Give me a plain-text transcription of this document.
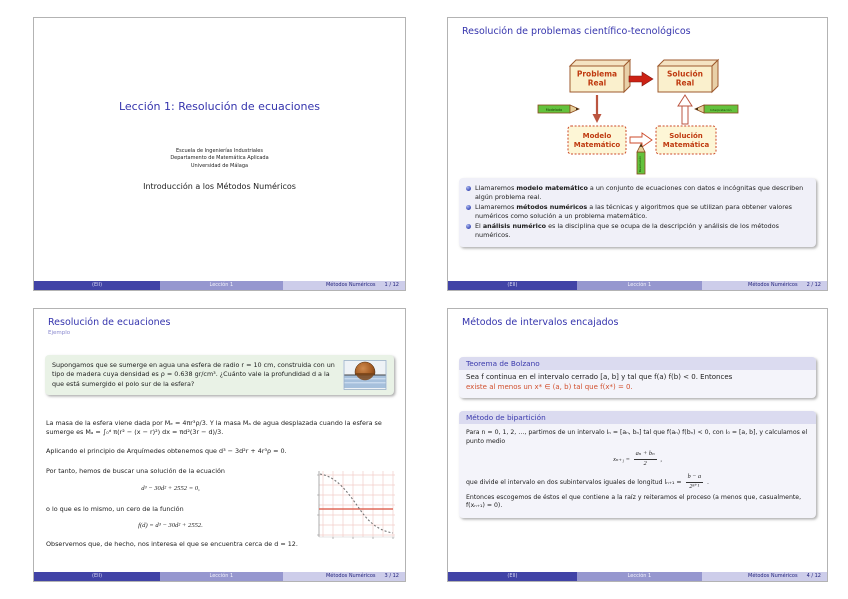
Lección 1: Resolución de ecuaciones
Escuela de Ingenierías Industriales
Departamento de Matemática Aplicada
Universidad de Málaga
Introducción a los Métodos Numéricos
(EII)	Lección 1	Métodos Numéricos 1 / 12
Resolución de problemas científico-tecnológicos
Problema
Real
Solución
Real
Modelo
Matemático
Solución
Matemática
Modelado	Interpretación
Resolución
Llamaremos modelo matemático a un conjunto de ecuaciones con datos e incógnitas que describen algún problema real.
Llamaremos métodos numéricos a las técnicas y algoritmos que se utilizan para obtener valores numéricos como solución a un problema matemático.
El análisis numérico es la disciplina que se ocupa de la descripción y análisis de los métodos numéricos.
(EII)	Lección 1	Métodos Numéricos 2 / 12
Resolución de ecuaciones
Ejemplo
Supongamos que se sumerge en agua una esfera de radio r = 10 cm, construida con un tipo de madera cuya densidad es ρ = 0.638 gr/cm³. ¿Cuánto vale la profundidad d a la que está sumergido el polo sur de la esfera?
La masa de la esfera viene dada por Mₑ = 4πr³ρ/3. Y la masa Mₐ de agua desplazada cuando la esfera se sumerge es Mₐ = ∫₀ᵈ π(r² − (x − r)²) dx = πd²(3r − d)/3.
Aplicando el principio de Arquímedes obtenemos que d³ − 3d²r + 4r³ρ = 0.
Por tanto, hemos de buscar una solución de la ecuación
d³ − 30d² + 2552 = 0,
o lo que es lo mismo, un cero de la función
f(d) = d³ − 30d² + 2552.
Observemos que, de hecho, nos interesa el que se encuentra cerca de d = 12.
(EII)	Lección 1	Métodos Numéricos 3 / 12
Métodos de intervalos encajados
Teorema de Bolzano
Sea f continua en el intervalo cerrado [a, b] y tal que f(a) f(b) < 0. Entonces
existe al menos un x* ∈ (a, b) tal que f(x*) = 0.
Método de bipartición
Para n = 0, 1, 2, …, partimos de un intervalo Iₙ = [aₙ, bₙ] tal que f(aₙ) f(bₙ) < 0, con I₀ = [a, b], y calculamos el punto medio
$x_{n+1} = \frac{\text{aₙ + bₙ}}{2}$ ,
que divide el intervalo en dos subintervalos iguales de longitud $l_{n+1} = \frac{b - a}{\text{2ⁿ⁺¹}}$ .
Entonces escogemos de éstos el que contiene a la raíz y reiteramos el proceso (a menos que, casualmente, f(xₙ₊₁) = 0).
(EII)	Lección 1	Métodos Numéricos 4 / 12
